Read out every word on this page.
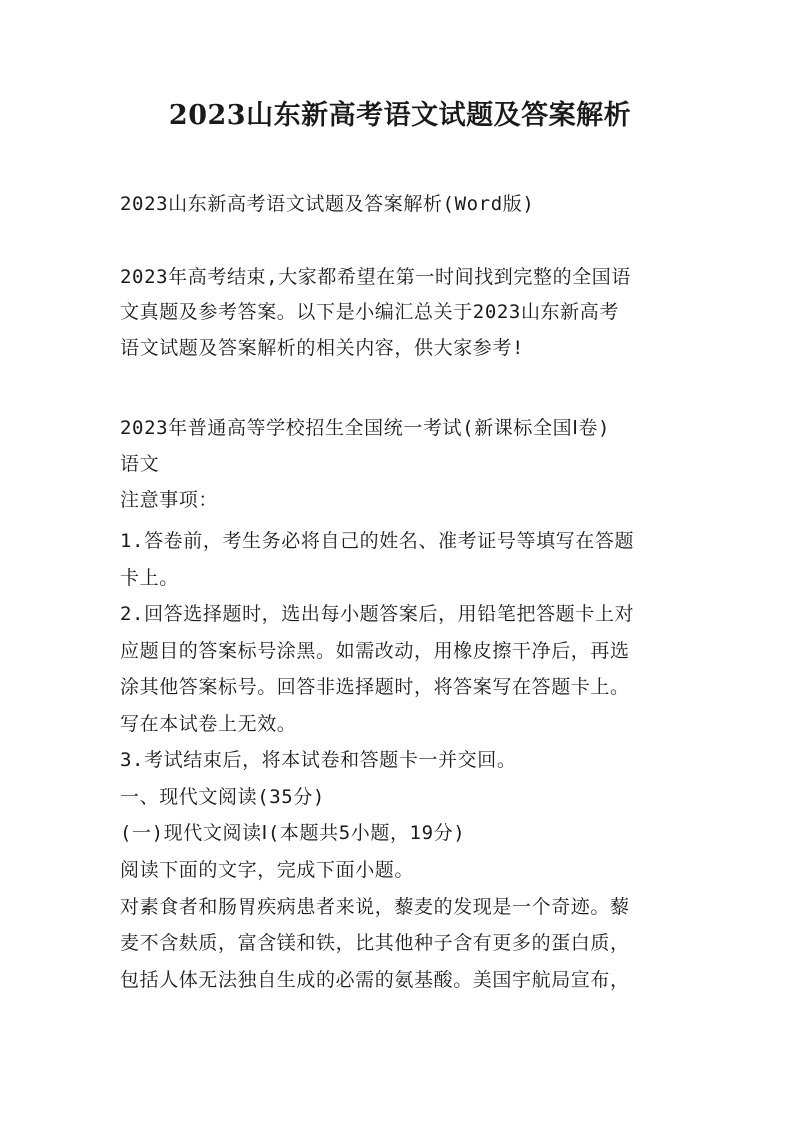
2023山东新高考语文试题及答案解析
2023山东新高考语文试题及答案解析(Word版)
2023年高考结束,大家都希望在第一时间找到完整的全国语
文真题及参考答案。以下是小编汇总关于2023山东新高考
语文试题及答案解析的相关内容，供大家参考!
2023年普通高等学校招生全国统一考试(新课标全国Ⅰ卷)
语文
注意事项：
1.答卷前，考生务必将自己的姓名、准考证号等填写在答题
卡上。
2.回答选择题时，选出每小题答案后，用铅笔把答题卡上对
应题目的答案标号涂黑。如需改动，用橡皮擦干净后，再选
涂其他答案标号。回答非选择题时，将答案写在答题卡上。
写在本试卷上无效。
3.考试结束后，将本试卷和答题卡一并交回。
一、现代文阅读(35分)
(一)现代文阅读Ⅰ(本题共5小题，19分)
阅读下面的文字，完成下面小题。
对素食者和肠胃疾病患者来说，藜麦的发现是一个奇迹。藜
麦不含麸质，富含镁和铁，比其他种子含有更多的蛋白质，
包括人体无法独自生成的必需的氨基酸。美国宇航局宣布，
